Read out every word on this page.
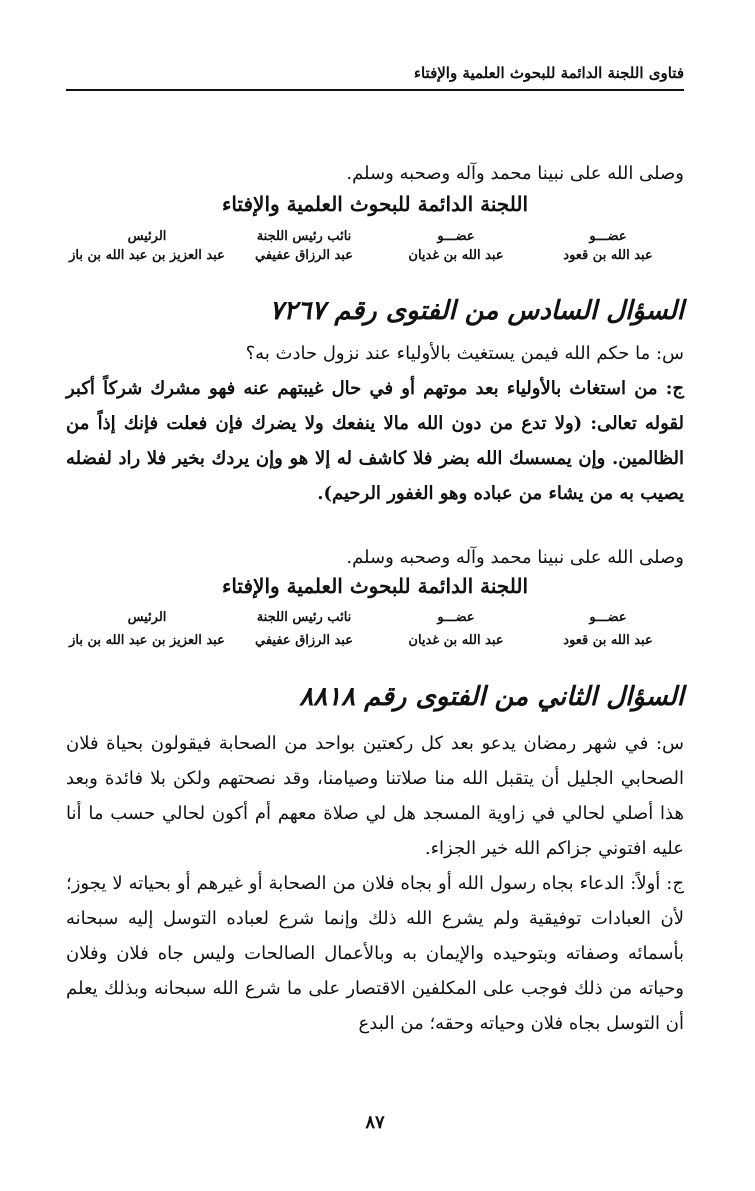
فتاوى اللجنة الدائمة للبحوث العلمية والإفتاء

وصلى الله على نبينا محمد وآله وصحبه وسلم.

اللجنة الدائمة للبحوث العلمية والإفتاء
عضـــو
عضـــو
نائب رئيس اللجنة
الرئيس
عبد الله بن قعود
عبد الله بن غديان
عبد الرزاق عفيفي
عبد العزيز بن عبد الله بن باز
السؤال السادس من الفتوى رقم ٧٢٦٧

س: ما حكم الله فيمن يستغيث بالأولياء عند نزول حادث به؟

ج: من استغاث بالأولياء بعد موتهم أو في حال غيبتهم عنه فهو مشرك شركاً أكبر لقوله تعالى: (ولا تدع من دون الله مالا ينفعك ولا يضرك فإن فعلت فإنك إذاً من الظالمين. وإن يمسسك الله بضر فلا كاشف له إلا هو وإن يردك بخير فلا راد لفضله يصيب به من يشاء من عباده وهو الغفور الرحيم).

وصلى الله على نبينا محمد وآله وصحبه وسلم.

اللجنة الدائمة للبحوث العلمية والإفتاء
عضـــو
عضـــو
نائب رئيس اللجنة
الرئيس
عبد الله بن قعود
عبد الله بن غديان
عبد الرزاق عفيفي
عبد العزيز بن عبد الله بن باز
السؤال الثاني من الفتوى رقم ٨٨١٨

س: في شهر رمضان يدعو بعد كل ركعتين بواحد من الصحابة فيقولون بحياة فلان الصحابي الجليل أن يتقبل الله منا صلاتنا وصيامنا، وقد نصحتهم ولكن بلا فائدة وبعد هذا أصلي لحالي في زاوية المسجد هل لي صلاة معهم أم أكون لحالي حسب ما أنا عليه افتوني جزاكم الله خير الجزاء.

ج: أولاً: الدعاء بجاه رسول الله أو بجاه فلان من الصحابة أو غيرهم أو بحياته لا يجوز؛ لأن العبادات توفيقية ولم يشرع الله ذلك وإنما شرع لعباده التوسل إليه سبحانه بأسمائه وصفاته وبتوحيده والإيمان به وبالأعمال الصالحات وليس جاه فلان وفلان وحياته من ذلك فوجب على المكلفين الاقتصار على ما شرع الله سبحانه وبذلك يعلم أن التوسل بجاه فلان وحياته وحقه؛ من البدع

٨٧
